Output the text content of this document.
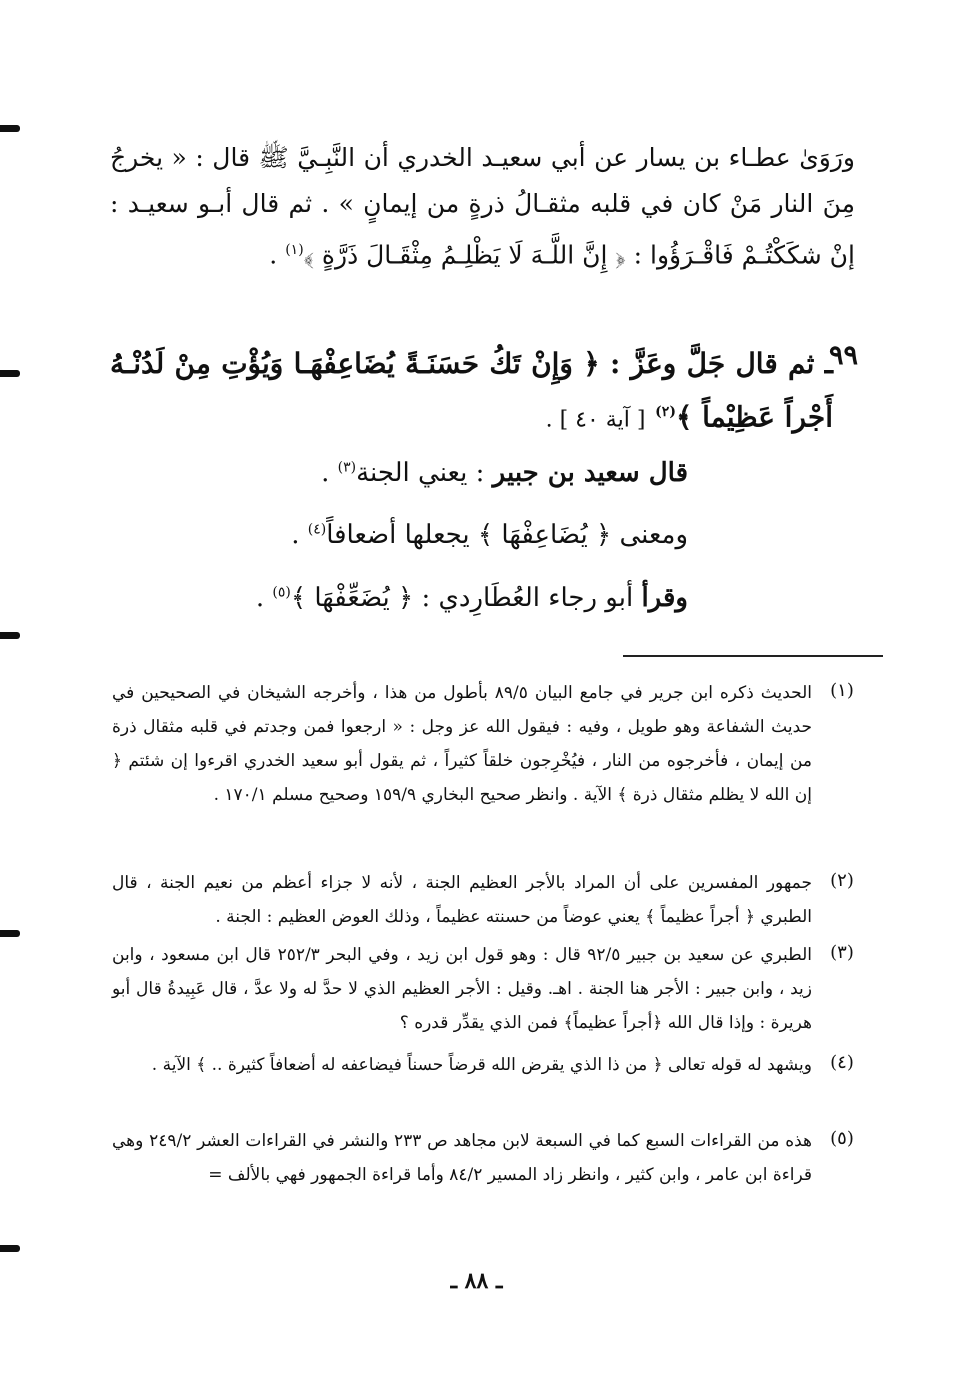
ورَوَىٰ عطـاء بن يسار عن أبي سعيـد الخدري أن النَّبِـيَّ ﷺ قال : « يخرجُ مِنَ النار مَنْ كان في قلبه مثقـالُ ذرةٍ من إيمانٍ » . ثم قال أبـو سعيـد : إنْ شكَكْتُـمْ فَاقْـرَؤُوا : ﴿ إِنَّ اللَّـهَ لَا يَظْلِـمُ مِثْقَـالَ ذَرَّةٍ ﴾$^{(١)}$ .

٩٩
ـ ثم قال جَلَّ وعَزَّ : ﴿ وَإِنْ تَكُ حَسَنَـةً يُضَاعِفْهَـا وَيُؤْتِ مِنْ لَدُنْـهُ أَجْراً عَظِيْماً ﴾$^{(٢)}$ [ آية ٤٠ ] .
قال سعيد بن جبير : يعني الجنة$^{(٣)}$ .
ومعنى ﴿ يُضَاعِفْهَا ﴾ يجعلها أضعافاً$^{(٤)}$ .
وقرأ أبو رجاء العُطَارِدي : ﴿ يُضَعِّفْهَا ﴾$^{(٥)}$ .
(١)
الحديث ذكره ابن جرير في جامع البيان ٨٩/٥ بأطول من هذا ، وأخرجه الشيخان في الصحيحين في حديث الشفاعة وهو طويل ، وفيه : فيقول الله عز وجل : « ارجعوا فمن وجدتم في قلبه مثقال ذرة من إيمان ، فأخرجوه من النار ، فيُخْرِجون خلقاً كثيراً ، ثم يقول أبو سعيد الخدري اقرءوا إن شئتم ﴿ إن الله لا يظلم مثقال ذرة ﴾ الآية . وانظر صحيح البخاري ١٥٩/٩ وصحيح مسلم ١٧٠/١ .
(٢)
جمهور المفسرين على أن المراد بالأجر العظيم الجنة ، لأنه لا جزاء أعظم من نعيم الجنة ، قال الطبري ﴿ أجراً عظيماً ﴾ يعني عوضاً من حسنته عظيماً ، وذلك العوض العظيم : الجنة .
(٣)
الطبري عن سعيد بن جبير ٩٢/٥ قال : وهو قول ابن زيد ، وفي البحر ٢٥٢/٣ قال ابن مسعود ، وابن زيد ، وابن جبير : الأجر هنا الجنة . اهـ. وقيل : الأجر العظيم الذي لا حدَّ له ولا عدَّ ، قال عَبِيدةُ قال أبو هريرة : وإذا قال الله ﴿أجراً عظيماً﴾ فمن الذي يقدِّر قدره ؟
(٤)
ويشهد له قوله تعالى ﴿ من ذا الذي يقرض الله قرضاً حسناً فيضاعفه له أضعافاً كثيرة .. ﴾ الآية .
(٥)
هذه من القراءات السبع كما في السبعة لابن مجاهد ص ٢٣٣ والنشر في القراءات العشر ٢٤٩/٢ وهي قراءة ابن عامر ، وابن كثير ، وانظر زاد المسير ٨٤/٢ وأما قراءة الجمهور فهي بالألف =
ـ ٨٨ ـ
